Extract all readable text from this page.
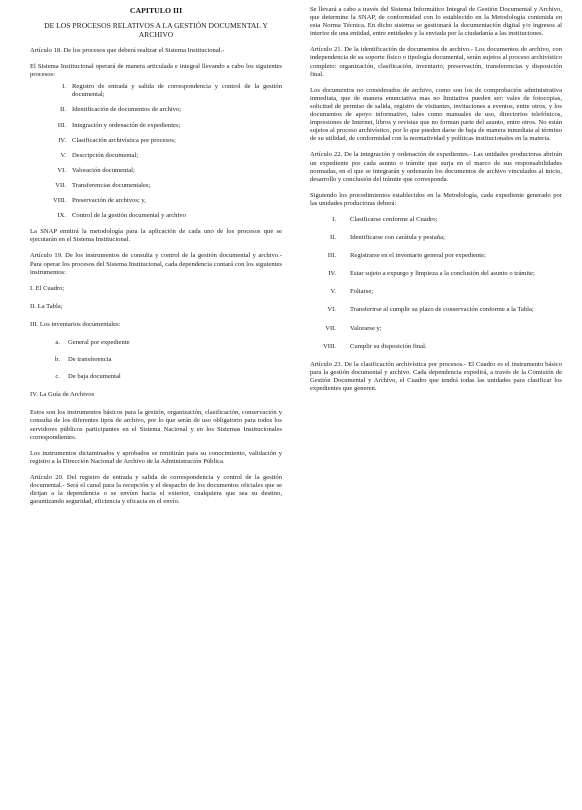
CAPITULO III

DE LOS PROCESOS RELATIVOS A LA GESTIÓN DOCUMENTAL Y ARCHIVO

Artículo 18. De los procesos que deberá realizar el Sistema Institucional.-

El Sistema Institucional operará de manera articulada e integral llevando a cabo los siguientes procesos:

I. Registro de entrada y salida de correspondencia y control de la gestión documental;
II. Identificación de documentos de archivo;
III. Integración y ordenación de expedientes;
IV. Clasificación archivística por procesos;
V. Descripción documental;
VI. Valoración documental;
VII. Transferencias documentales;
VIII. Preservación de archivos; y,
IX. Control de la gestión documental y archivo

La SNAP emitirá la metodología para la aplicación de cada uno de los procesos que se ejecutarán en el Sistema Institucional.

Artículo 19. De los instrumentos de consulta y control de la gestión documental y archivo.- Para operar los procesos del Sistema Institucional, cada dependencia contará con los siguientes instrumentos:

I. El Cuadro;
II. La Tabla;
III. Los inventarios documentales:
a.	General por expediente
b.	De transferencia
c.	De baja documental
IV. La Guía de Archivos

Estos son los instrumentos básicos para la gestión, organización, clasificación, conservación y consulta de los diferentes tipos de archivo, por lo que serán de uso obligatorio para todos los servidores públicos participantes en el Sistema Nacional y en los Sistemas Institucionales correspondientes.

Los instrumentos dictaminados y aprobados se remitirán para su conocimiento, validación y registro a la Dirección Nacional de Archivo de la Administración Pública.

Artículo 20. Del registro de entrada y salida de correspondencia y control de la gestión documental.- Será el canal para la recepción y el despacho de los documentos oficiales que se dirijan a la dependencia o se envíen hacia el exterior, cualquiera que sea su destino, garantizando seguridad, eficiencia y eficacia en el envío.

Se llevará a cabo a través del Sistema Informático Integral de Gestión Documental y Archivo, que determine la SNAP, de conformidad con lo establecido en la Metodología contenida en esta Norma Técnica. En dicho sistema se gestionará la documentación digital y/o ingresos al interior de una entidad, entre entidades y la enviada por la ciudadanía a las instituciones.

Artículo 21. De la identificación de documentos de archivo.- Los documentos de archivo, con independencia de su soporte físico o tipología documental, serán sujetos al proceso archivístico completo: organización, clasificación, inventario, preservación, transferencias y disposición final.

Los documentos no considerados de archivo, como son los de comprobación administrativa inmediata, que de manera enunciativa mas no limitativa pueden ser: vales de fotocopias, solicitud de permiso de salida, registro de visitantes, invitaciones a eventos, entre otros, y los documentos de apoyo informativo, tales como manuales de uso, directorios telefónicos, impresiones de Internet, libros y revistas que no forman parte del asunto, entre otros. No están sujetos al proceso archivístico, por lo que pueden darse de baja de manera inmediata al término de su utilidad, de conformidad con la normatividad y políticas institucionales en la materia.

Artículo 22. De la integración y ordenación de expedientes.- Las unidades productoras abrirán un expediente por cada asunto o trámite que surja en el marco de sus responsabilidades normadas, en el que se integrarán y ordenarán los documentos de archivo vinculados al inicio, desarrollo y conclusión del trámite que corresponda.

Siguiendo los procedimientos establecidos en la Metodología, cada expediente generado por las unidades productoras deberá:

I.	Clasificarse conforme al Cuadro;
II.	Identificarse con carátula y pestaña;
III.	Registrarse en el inventario general por expediente;
IV.	Estar sujeto a expurgo y limpieza a la conclusión del asunto o trámite;
V.	Foliarse;
VI.	Transferirse al cumplir su plazo de conservación conforme a la Tabla;
VII.	Valorarse y;
VIII.	Cumplir su disposición final.

Artículo 23. De la clasificación archivística por procesos.- El Cuadro es el instrumento básico para la gestión documental y archivo. Cada dependencia expedirá, a través de la Comisión de Gestión Documental y Archivo, el Cuadro que tendrá todas las unidades para clasificar los expedientes que generen.
